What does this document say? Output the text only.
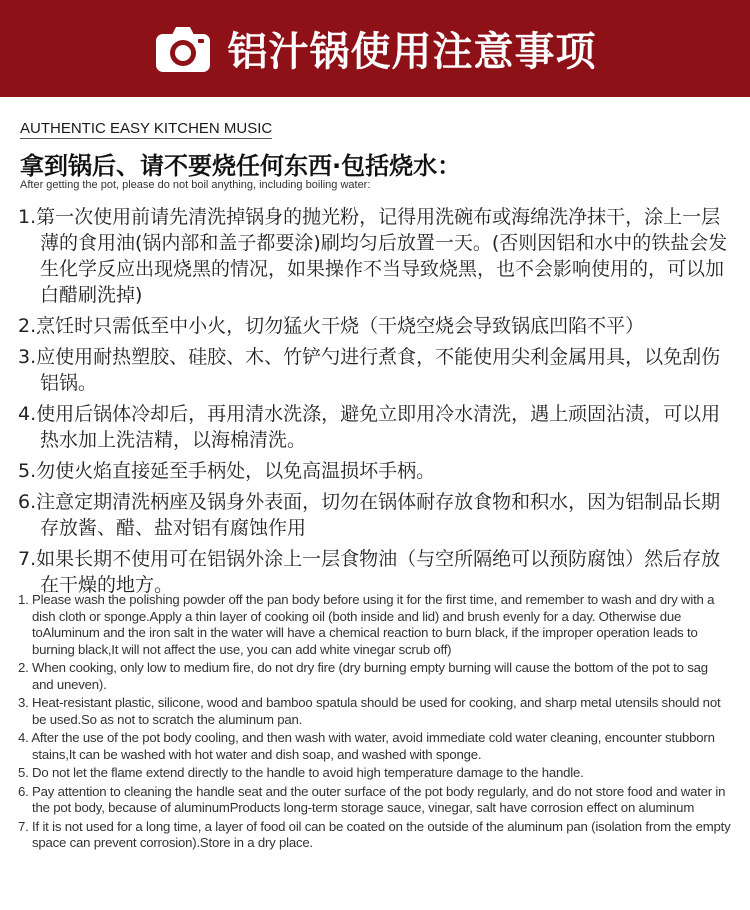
铝汁锅使用注意事项
AUTHENTIC EASY KITCHEN MUSIC
拿到锅后、请不要烧任何东西·包括烧水：
After getting the pot, please do not boil anything, including boiling water:
1.第一次使用前请先清洗掉锅身的抛光粉，记得用洗碗布或海绵洗净抹干，涂上一层薄的食用油(锅内部和盖子都要涂)刷均匀后放置一天。(否则因铝和水中的铁盐会发生化学反应出现烧黑的情况，如果操作不当导致烧黑，也不会影响使用的，可以加白醋刷洗掉)
2.烹饪时只需低至中小火，切勿猛火干烧（干烧空烧会导致锅底凹陷不平）
3.应使用耐热塑胶、硅胶、木、竹铲勺进行煮食，不能使用尖利金属用具，以免刮伤铝锅。
4.使用后锅体冷却后，再用清水洗涤，避免立即用冷水清洗，遇上顽固沾渍，可以用热水加上洗洁精，以海棉清洗。
5.勿使火焰直接延至手柄处，以免高温损坏手柄。
6.注意定期清洗柄座及锅身外表面，切勿在锅体耐存放食物和积水，因为铝制品长期存放酱、醋、盐对铝有腐蚀作用
7.如果长期不使用可在铝锅外涂上一层食物油（与空所隔绝可以预防腐蚀）然后存放在干燥的地方。
1. Please wash the polishing powder off the pan body before using it for the first time, and remember to wash and dry with a dish cloth or sponge.Apply a thin layer of cooking oil (both inside and lid) and brush evenly for a day. Otherwise due toAluminum and the iron salt in the water will have a chemical reaction to burn black, if the improper operation leads to burning black,It will not affect the use, you can add white vinegar scrub off)
2. When cooking, only low to medium fire, do not dry fire (dry burning empty burning will cause the bottom of the pot to sag and uneven).
3. Heat-resistant plastic, silicone, wood and bamboo spatula should be used for cooking, and sharp metal utensils should not be used.So as not to scratch the aluminum pan.
4. After the use of the pot body cooling, and then wash with water, avoid immediate cold water cleaning, encounter stubborn stains,It can be washed with hot water and dish soap, and washed with sponge.
5. Do not let the flame extend directly to the handle to avoid high temperature damage to the handle.
6. Pay attention to cleaning the handle seat and the outer surface of the pot body regularly, and do not store food and water in the pot body, because of aluminumProducts long-term storage sauce, vinegar, salt have corrosion effect on aluminum
7. If it is not used for a long time, a layer of food oil can be coated on the outside of the aluminum pan (isolation from the empty space can prevent corrosion).Store in a dry place.
